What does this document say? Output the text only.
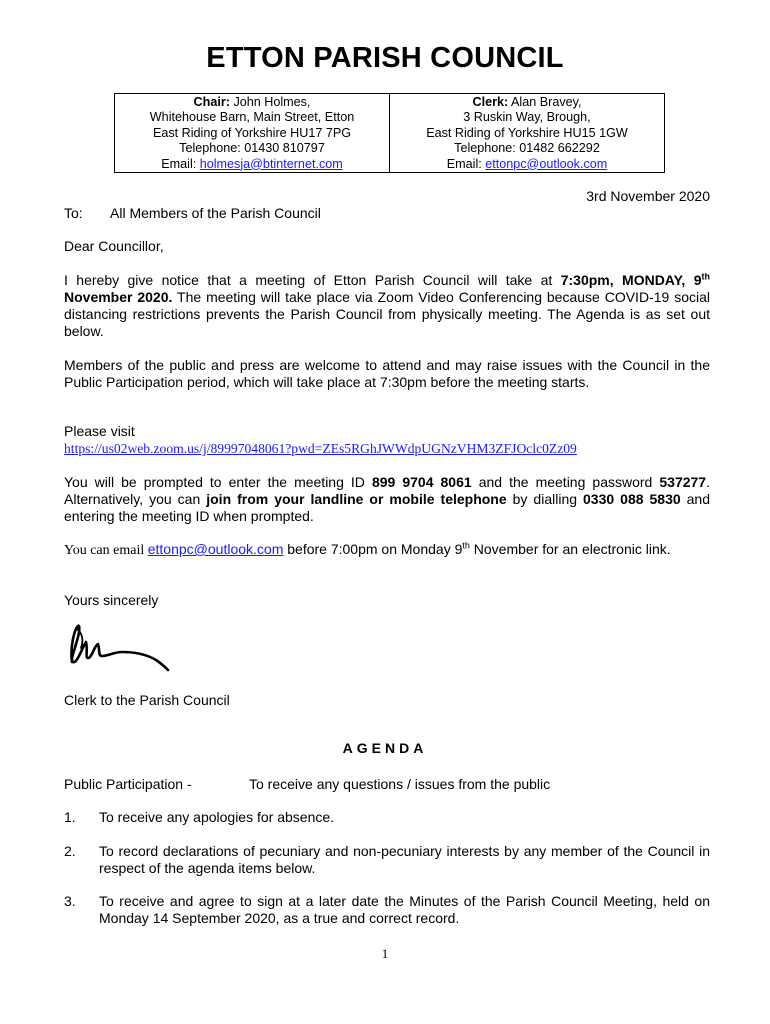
ETTON PARISH COUNCIL
Chair: John Holmes,
Whitehouse Barn, Main Street, Etton
East Riding of Yorkshire HU17 7PG
Telephone: 01430 810797
Email: holmesja@btinternet.com
Clerk: Alan Bravey,
3 Ruskin Way, Brough,
East Riding of Yorkshire HU15 1GW
Telephone: 01482 662292
Email: ettonpc@outlook.com
3rd November 2020
To: All Members of the Parish Council
Dear Councillor,
I hereby give notice that a meeting of Etton Parish Council will take at 7:30pm, MONDAY, 9th November 2020. The meeting will take place via Zoom Video Conferencing because COVID-19 social distancing restrictions prevents the Parish Council from physically meeting. The Agenda is as set out below.
Members of the public and press are welcome to attend and may raise issues with the Council in the Public Participation period, which will take place at 7:30pm before the meeting starts.
Please visit
https://us02web.zoom.us/j/89997048061?pwd=ZEs5RGhJWWdpUGNzVHM3ZFJOclc0Zz09
You will be prompted to enter the meeting ID 899 9704 8061 and the meeting password 537277. Alternatively, you can join from your landline or mobile telephone by dialling 0330 088 5830 and entering the meeting ID when prompted.
You can email ettonpc@outlook.com before 7:00pm on Monday 9th November for an electronic link.
Yours sincerely
Clerk to the Parish Council
AGENDA
Public Participation -	To receive any questions / issues from the public
1. To receive any apologies for absence.
2. To record declarations of pecuniary and non-pecuniary interests by any member of the Council in respect of the agenda items below.
3. To receive and agree to sign at a later date the Minutes of the Parish Council Meeting, held on Monday 14 September 2020, as a true and correct record.
1
